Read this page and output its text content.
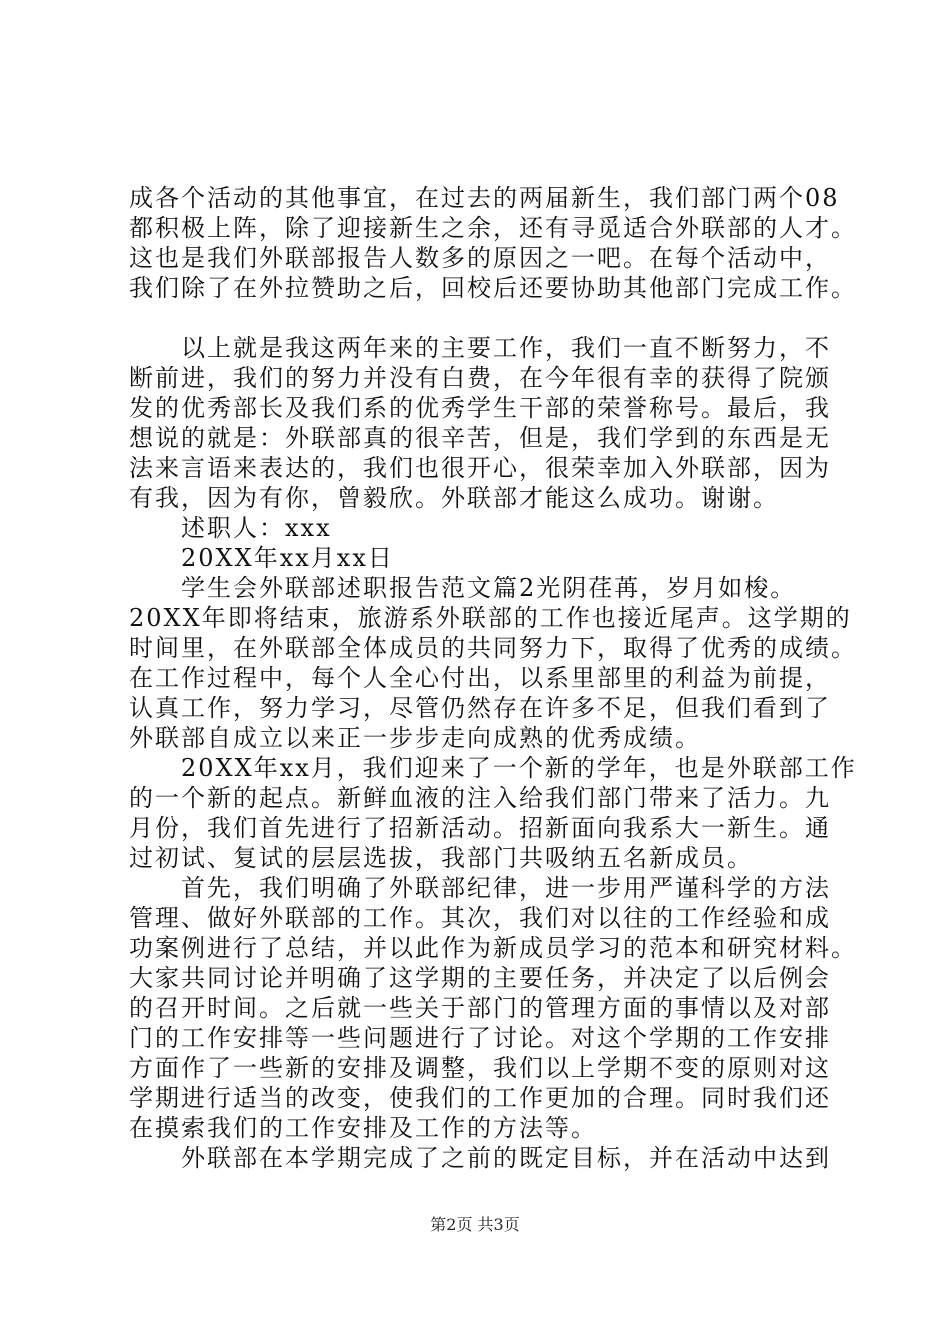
成各个活动的其他事宜，在过去的两届新生，我们部门两个08
都积极上阵，除了迎接新生之余，还有寻觅适合外联部的人才。
这也是我们外联部报告人数多的原因之一吧。在每个活动中，
我们除了在外拉赞助之后，回校后还要协助其他部门完成工作。
　　以上就是我这两年来的主要工作，我们一直不断努力，不
断前进，我们的努力并没有白费，在今年很有幸的获得了院颁
发的优秀部长及我们系的优秀学生干部的荣誉称号。最后，我
想说的就是：外联部真的很辛苦，但是，我们学到的东西是无
法来言语来表达的，我们也很开心，很荣幸加入外联部，因为
有我，因为有你，曾毅欣。外联部才能这么成功。谢谢。
　　述职人：xxx
　　20XX年xx月xx日
　　学生会外联部述职报告范文篇2光阴荏苒，岁月如梭。
20XX年即将结束，旅游系外联部的工作也接近尾声。这学期的
时间里，在外联部全体成员的共同努力下，取得了优秀的成绩。
在工作过程中，每个人全心付出，以系里部里的利益为前提，
认真工作，努力学习，尽管仍然存在许多不足，但我们看到了
外联部自成立以来正一步步走向成熟的优秀成绩。
　　20XX年xx月，我们迎来了一个新的学年，也是外联部工作
的一个新的起点。新鲜血液的注入给我们部门带来了活力。九
月份，我们首先进行了招新活动。招新面向我系大一新生。通
过初试、复试的层层选拔，我部门共吸纳五名新成员。
　　首先，我们明确了外联部纪律，进一步用严谨科学的方法
管理、做好外联部的工作。其次，我们对以往的工作经验和成
功案例进行了总结，并以此作为新成员学习的范本和研究材料。
大家共同讨论并明确了这学期的主要任务，并决定了以后例会
的召开时间。之后就一些关于部门的管理方面的事情以及对部
门的工作安排等一些问题进行了讨论。对这个学期的工作安排
方面作了一些新的安排及调整，我们以上学期不变的原则对这
学期进行适当的改变，使我们的工作更加的合理。同时我们还
在摸索我们的工作安排及工作的方法等。
　　外联部在本学期完成了之前的既定目标，并在活动中达到
第2页 共3页
